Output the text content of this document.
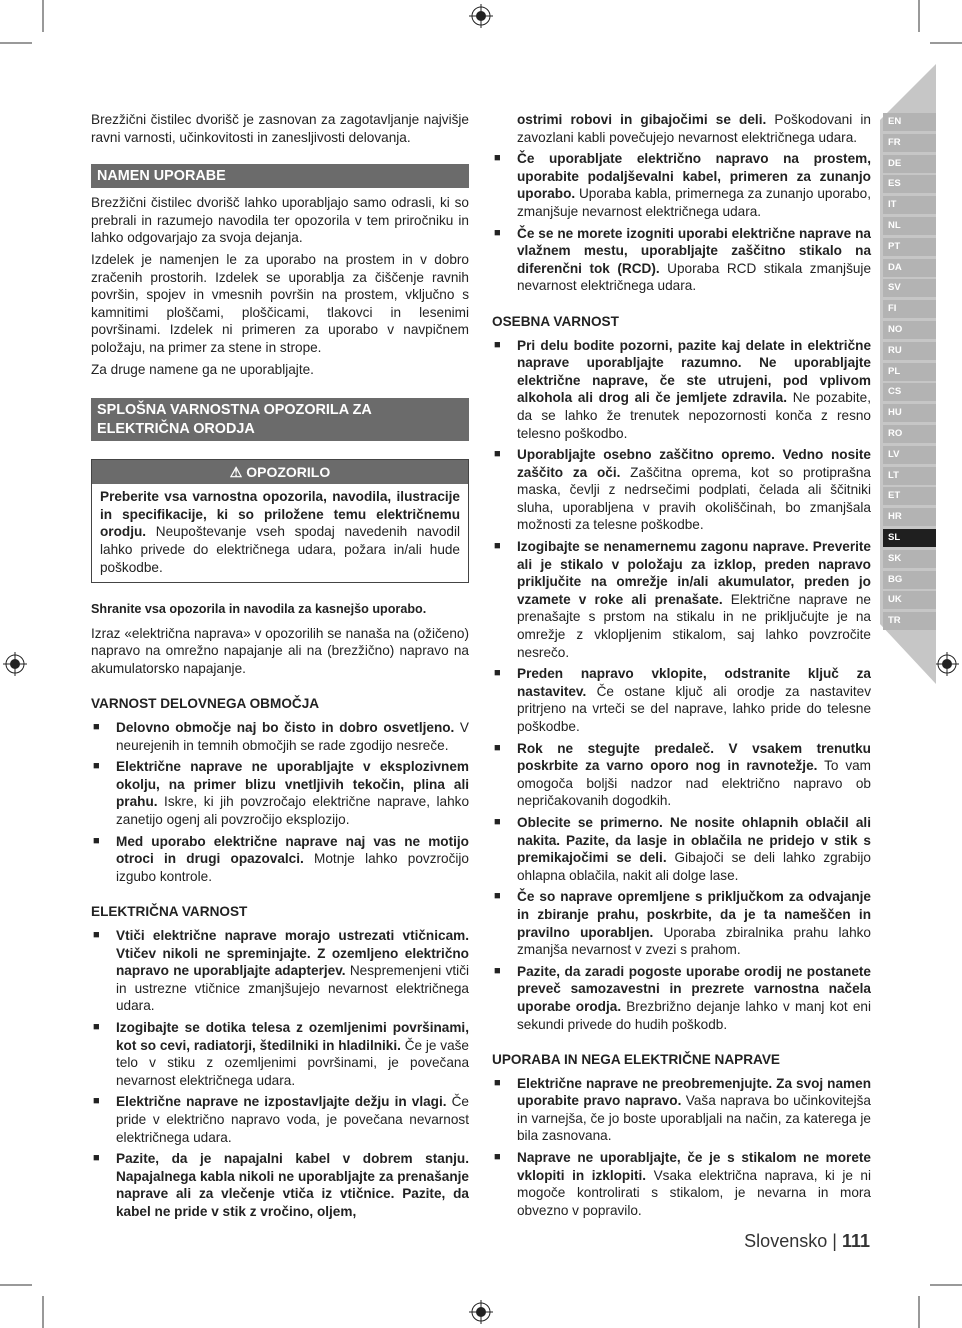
Brezžični čistilec dvorišč je zasnovan za zagotavljanje najvišje ravni varnosti, učinkovitosti in zanesljivosti delovanja.

NAMEN UPORABE

Brezžični čistilec dvorišč lahko uporabljajo samo odrasli, ki so prebrali in razumejo navodila ter opozorila v tem priročniku in lahko odgovarjajo za svoja dejanja.

Izdelek je namenjen le za uporabo na prostem in v dobro zračenih prostorih. Izdelek se uporablja za čiščenje ravnih površin, spojev in vmesnih površin na prostem, vključno s kamnitimi ploščami, ploščicami, tlakovci in lesenimi površinami. Izdelek ni primeren za uporabo v navpičnem položaju, na primer za stene in strope.

Za druge namene ga ne uporabljajte.

SPLOŠNA VARNOSTNA OPOZORILA ZA ELEKTRIČNA ORODJA
⚠ OPOZORILO
Preberite vsa varnostna opozorila, navodila, ilustracije in specifikacije, ki so priložene temu električnemu orodju. Neupoštevanje vseh spodaj navedenih navodil lahko privede do električnega udara, požara in/ali hude poškodbe.

Shranite vsa opozorila in navodila za kasnejšo uporabo.

Izraz «električna naprava» v opozorilih se nanaša na (ožičeno) napravo na omrežno napajanje ali na (brezžično) napravo na akumulatorsko napajanje.

VARNOST DELOVNEGA OBMOČJA
■ Delovno območje naj bo čisto in dobro osvetljeno. V neurejenih in temnih območjih se rade zgodijo nesreče.
■ Električne naprave ne uporabljajte v eksplozivnem okolju, na primer blizu vnetljivih tekočin, plina ali prahu. Iskre, ki jih povzročajo električne naprave, lahko zanetijo ogenj ali povzročijo eksplozijo.
■ Med uporabo električne naprave naj vas ne motijo otroci in drugi opazovalci. Motnje lahko povzročijo izgubo kontrole.
ELEKTRIČNA VARNOST
■ Vtiči električne naprave morajo ustrezati vtičnicam. Vtičev nikoli ne spreminjajte. Z ozemljeno električno napravo ne uporabljajte adapterjev. Nespremenjeni vtiči in ustrezne vtičnice zmanjšujejo nevarnost električnega udara.
■ Izogibajte se dotika telesa z ozemljenimi površinami, kot so cevi, radiatorji, štedilniki in hladilniki. Če je vaše telo v stiku z ozemljenimi površinami, je povečana nevarnost električnega udara.
■ Električne naprave ne izpostavljajte dežju in vlagi. Če pride v električno napravo voda, je povečana nevarnost električnega udara.
■ Pazite, da je napajalni kabel v dobrem stanju. Napajalnega kabla nikoli ne uporabljajte za prenašanje naprave ali za vlečenje vtiča iz vtičnice. Pazite, da kabel ne pride v stik z vročino, oljem,
ostrimi robovi in gibajočimi se deli. Poškodovani in zavozlani kabli povečujejo nevarnost električnega udara.
■ Če uporabljate električno napravo na prostem, uporabite podaljševalni kabel, primeren za zunanjo uporabo. Uporaba kabla, primernega za zunanjo uporabo, zmanjšuje nevarnost električnega udara.
■ Če se ne morete izogniti uporabi električne naprave na vlažnem mestu, uporabljajte zaščitno stikalo na diferenčni tok (RCD). Uporaba RCD stikala zmanjšuje nevarnost električnega udara.
OSEBNA VARNOST
■ Pri delu bodite pozorni, pazite kaj delate in električne naprave uporabljajte razumno. Ne uporabljajte električne naprave, če ste utrujeni, pod vplivom alkohola ali drog ali če jemljete zdravila. Ne pozabite, da se lahko že trenutek nepozornosti konča z resno telesno poškodbo.
■ Uporabljajte osebno zaščitno opremo. Vedno nosite zaščito za oči. Zaščitna oprema, kot so protiprašna maska, čevlji z nedrsečimi podplati, čelada ali ščitniki sluha, uporabljena v pravih okoliščinah, bo zmanjšala možnosti za telesne poškodbe.
■ Izogibajte se nenamernemu zagonu naprave. Preverite ali je stikalo v položaju za izklop, preden napravo priključite na omrežje in/ali akumulator, preden jo vzamete v roke ali prenašate. Električne naprave ne prenašajte s prstom na stikalu in ne priključujte je na omrežje z vklopljenim stikalom, saj lahko povzročite nesrečo.
■ Preden napravo vklopite, odstranite ključ za nastavitev. Če ostane ključ ali orodje za nastavitev pritrjeno na vrteči se del naprave, lahko pride do telesne poškodbe.
■ Rok ne stegujte predaleč. V vsakem trenutku poskrbite za varno oporo nog in ravnotežje. To vam omogoča boljši nadzor nad električno napravo ob nepričakovanih dogodkih.
■ Oblecite se primerno. Ne nosite ohlapnih oblačil ali nakita. Pazite, da lasje in oblačila ne pridejo v stik s premikajočimi se deli. Gibajoči se deli lahko zgrabijo ohlapna oblačila, nakit ali dolge lase.
■ Če so naprave opremljene s priključkom za odvajanje in zbiranje prahu, poskrbite, da je ta nameščen in pravilno uporabljen. Uporaba zbiralnika prahu lahko zmanjša nevarnost v zvezi s prahom.
■ Pazite, da zaradi pogoste uporabe orodij ne postanete preveč samozavestni in prezrete varnostna načela uporabe orodja. Brezbrižno dejanje lahko v manj kot eni sekundi privede do hudih poškodb.
UPORABA IN NEGA ELEKTRIČNE NAPRAVE
■ Električne naprave ne preobremenjujte. Za svoj namen uporabite pravo napravo. Vaša naprava bo učinkovitejša in varnejša, če jo boste uporabljali na način, za katerega je bila zasnovana.
■ Naprave ne uporabljajte, če je s stikalom ne morete vklopiti in izklopiti. Vsaka električna naprava, ki je ni mogoče kontrolirati s stikalom, je nevarna in mora obvezno v popravilo.
EN
FR
DE
ES
IT
NL
PT
DA
SV
FI
NO
RU
PL
CS
HU
RO
LV
LT
ET
HR
SL
SK
BG
UK
TR
Slovensko | 111
